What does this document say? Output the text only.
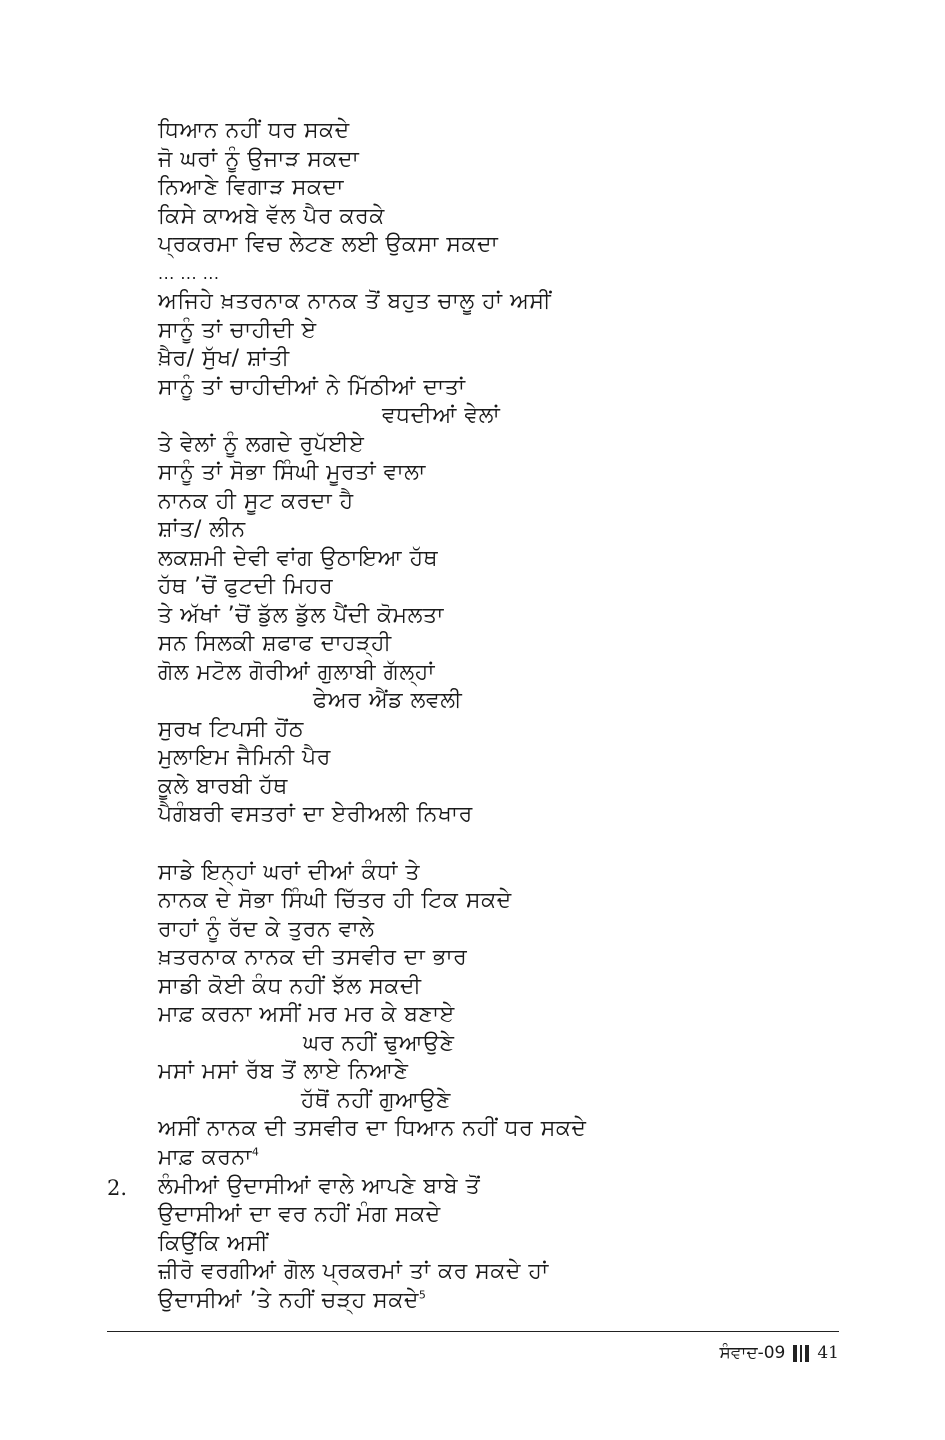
ਧਿਆਨ ਨਹੀਂ ਧਰ ਸਕਦੇ
ਜੋ ਘਰਾਂ ਨੂੰ ਉਜਾੜ ਸਕਦਾ
ਨਿਆਣੇ ਵਿਗਾੜ ਸਕਦਾ
ਕਿਸੇ ਕਾਅਬੇ ਵੱਲ ਪੈਰ ਕਰਕੇ
ਪ੍ਰਕਰਮਾ ਵਿਚ ਲੇਟਣ ਲਈ ਉਕਸਾ ਸਕਦਾ
... ... ...
ਅਜਿਹੇ ਖ਼ਤਰਨਾਕ ਨਾਨਕ ਤੋਂ ਬਹੁਤ ਚਾਲੂ ਹਾਂ ਅਸੀਂ
ਸਾਨੂੰ ਤਾਂ ਚਾਹੀਦੀ ਏ
ਖ਼ੈਰ/ ਸੁੱਖ/ ਸ਼ਾਂਤੀ
ਸਾਨੂੰ ਤਾਂ ਚਾਹੀਦੀਆਂ ਨੇ ਮਿੱਠੀਆਂ ਦਾਤਾਂ
ਵਧਦੀਆਂ ਵੇਲਾਂ
ਤੇ ਵੇਲਾਂ ਨੂੰ ਲਗਦੇ ਰੁਪੱਈਏ
ਸਾਨੂੰ ਤਾਂ ਸੋਭਾ ਸਿੰਘੀ ਮੂਰਤਾਂ ਵਾਲਾ
ਨਾਨਕ ਹੀ ਸੂਟ ਕਰਦਾ ਹੈ
ਸ਼ਾਂਤ/ ਲੀਨ
ਲਕਸ਼ਮੀ ਦੇਵੀ ਵਾਂਗ ਉਠਾਇਆ ਹੱਥ
ਹੱਥ ’ਚੋਂ ਫੁਟਦੀ ਮਿਹਰ
ਤੇ ਅੱਖਾਂ ’ਚੋਂ ਡੁੱਲ ਡੁੱਲ ਪੈਂਦੀ ਕੋਮਲਤਾ
ਸਨ ਸਿਲਕੀ ਸ਼ਫਾਫ ਦਾਹੜ੍ਹੀ
ਗੋਲ ਮਟੋਲ ਗੋਰੀਆਂ ਗੁਲਾਬੀ ਗੱਲ੍ਹਾਂ
ਫੇਅਰ ਐਂਡ ਲਵਲੀ
ਸੁਰਖ ਟਿਪਸੀ ਹੋਂਠ
ਮੁਲਾਇਮ ਜੈਮਿਨੀ ਪੈਰ
ਕੂਲੇ ਬਾਰਬੀ ਹੱਥ
ਪੈਗੰਬਰੀ ਵਸਤਰਾਂ ਦਾ ਏਰੀਅਲੀ ਨਿਖਾਰ
ਸਾਡੇ ਇਨ੍ਹਾਂ ਘਰਾਂ ਦੀਆਂ ਕੰਧਾਂ ਤੇ
ਨਾਨਕ ਦੇ ਸੋਭਾ ਸਿੰਘੀ ਚਿੱਤਰ ਹੀ ਟਿਕ ਸਕਦੇ
ਰਾਹਾਂ ਨੂੰ ਰੱਦ ਕੇ ਤੁਰਨ ਵਾਲੇ
ਖ਼ਤਰਨਾਕ ਨਾਨਕ ਦੀ ਤਸਵੀਰ ਦਾ ਭਾਰ
ਸਾਡੀ ਕੋਈ ਕੰਧ ਨਹੀਂ ਝੱਲ ਸਕਦੀ
ਮਾਫ਼ ਕਰਨਾ ਅਸੀਂ ਮਰ ਮਰ ਕੇ ਬਣਾਏ
ਘਰ ਨਹੀਂ ਢੁਆਉਣੇ
ਮਸਾਂ ਮਸਾਂ ਰੱਬ ਤੋਂ ਲਾਏ ਨਿਆਣੇ
ਹੱਥੋਂ ਨਹੀਂ ਗੁਆਉਣੇ
ਅਸੀਂ ਨਾਨਕ ਦੀ ਤਸਵੀਰ ਦਾ ਧਿਆਨ ਨਹੀਂ ਧਰ ਸਕਦੇ
ਮਾਫ਼ ਕਰਨਾ$^4$
2. ਲੰਮੀਆਂ ਉਦਾਸੀਆਂ ਵਾਲੇ ਆਪਣੇ ਬਾਬੇ ਤੋਂ
ਉਦਾਸੀਆਂ ਦਾ ਵਰ ਨਹੀਂ ਮੰਗ ਸਕਦੇ
ਕਿਉਂਕਿ ਅਸੀਂ
ਜ਼ੀਰੋ ਵਰਗੀਆਂ ਗੋਲ ਪ੍ਰਕਰਮਾਂ ਤਾਂ ਕਰ ਸਕਦੇ ਹਾਂ
ਉਦਾਸੀਆਂ ’ਤੇ ਨਹੀਂ ਚੜ੍ਹ ਸਕਦੇ$^5$
ਸੰਵਾਦ-09 41
